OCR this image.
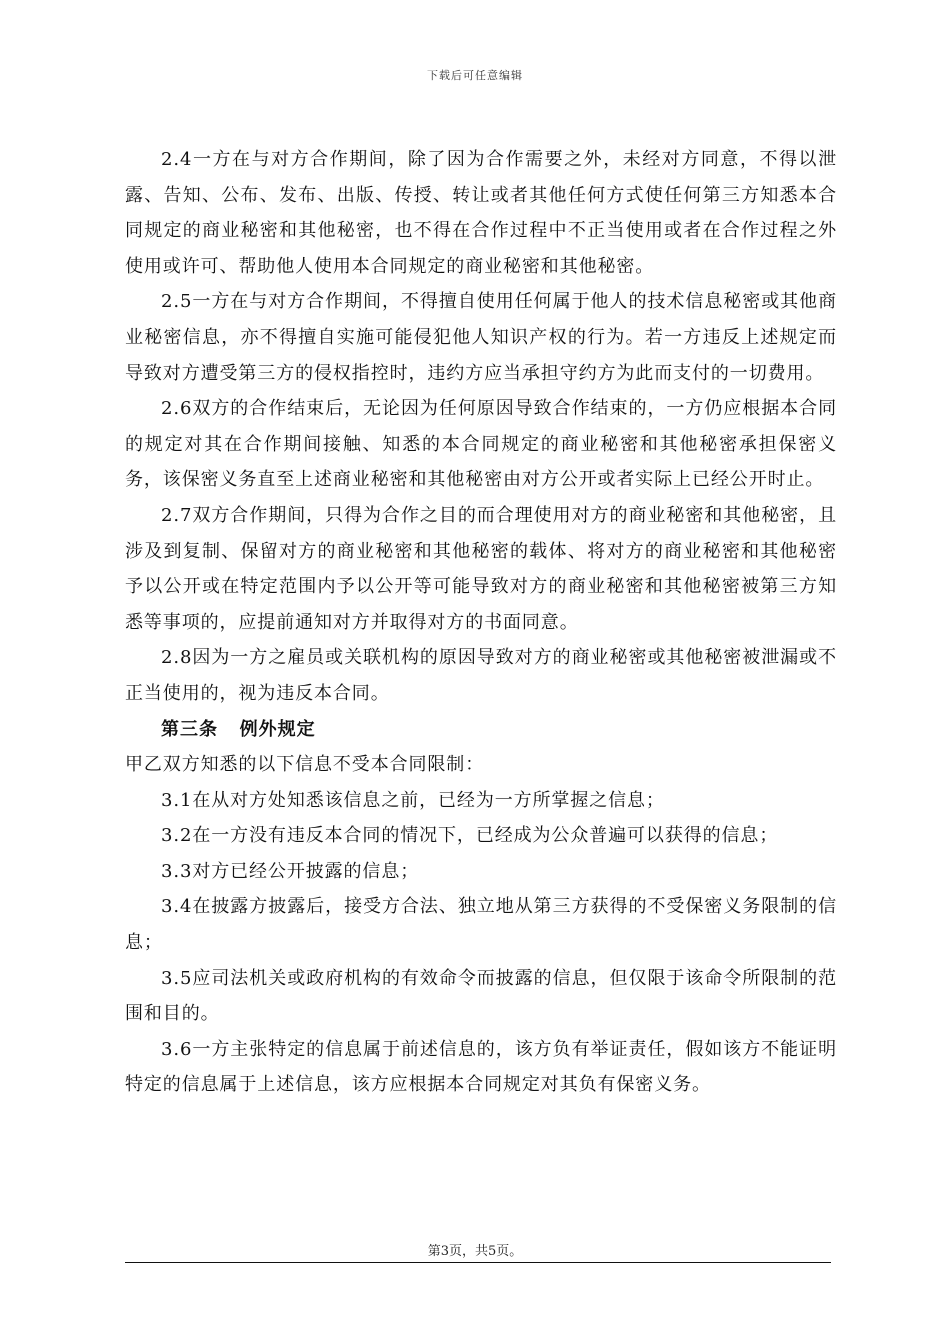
下载后可任意编辑

2.4一方在与对方合作期间，除了因为合作需要之外，未经对方同意，不得以泄露、告知、公布、发布、出版、传授、转让或者其他任何方式使任何第三方知悉本合同规定的商业秘密和其他秘密，也不得在合作过程中不正当使用或者在合作过程之外使用或许可、帮助他人使用本合同规定的商业秘密和其他秘密。

2.5一方在与对方合作期间，不得擅自使用任何属于他人的技术信息秘密或其他商业秘密信息，亦不得擅自实施可能侵犯他人知识产权的行为。若一方违反上述规定而导致对方遭受第三方的侵权指控时，违约方应当承担守约方为此而支付的一切费用。

2.6双方的合作结束后，无论因为任何原因导致合作结束的，一方仍应根据本合同的规定对其在合作期间接触、知悉的本合同规定的商业秘密和其他秘密承担保密义务，该保密义务直至上述商业秘密和其他秘密由对方公开或者实际上已经公开时止。

2.7双方合作期间，只得为合作之目的而合理使用对方的商业秘密和其他秘密，且涉及到复制、保留对方的商业秘密和其他秘密的载体、将对方的商业秘密和其他秘密予以公开或在特定范围内予以公开等可能导致对方的商业秘密和其他秘密被第三方知悉等事项的，应提前通知对方并取得对方的书面同意。

2.8因为一方之雇员或关联机构的原因导致对方的商业秘密或其他秘密被泄漏或不正当使用的，视为违反本合同。

第三条 例外规定

甲乙双方知悉的以下信息不受本合同限制：

3.1在从对方处知悉该信息之前，已经为一方所掌握之信息；

3.2在一方没有违反本合同的情况下，已经成为公众普遍可以获得的信息；

3.3对方已经公开披露的信息；

3.4在披露方披露后，接受方合法、独立地从第三方获得的不受保密义务限制的信息；

3.5应司法机关或政府机构的有效命令而披露的信息，但仅限于该命令所限制的范围和目的。

3.6一方主张特定的信息属于前述信息的，该方负有举证责任，假如该方不能证明特定的信息属于上述信息，该方应根据本合同规定对其负有保密义务。

第3页，共5页。
